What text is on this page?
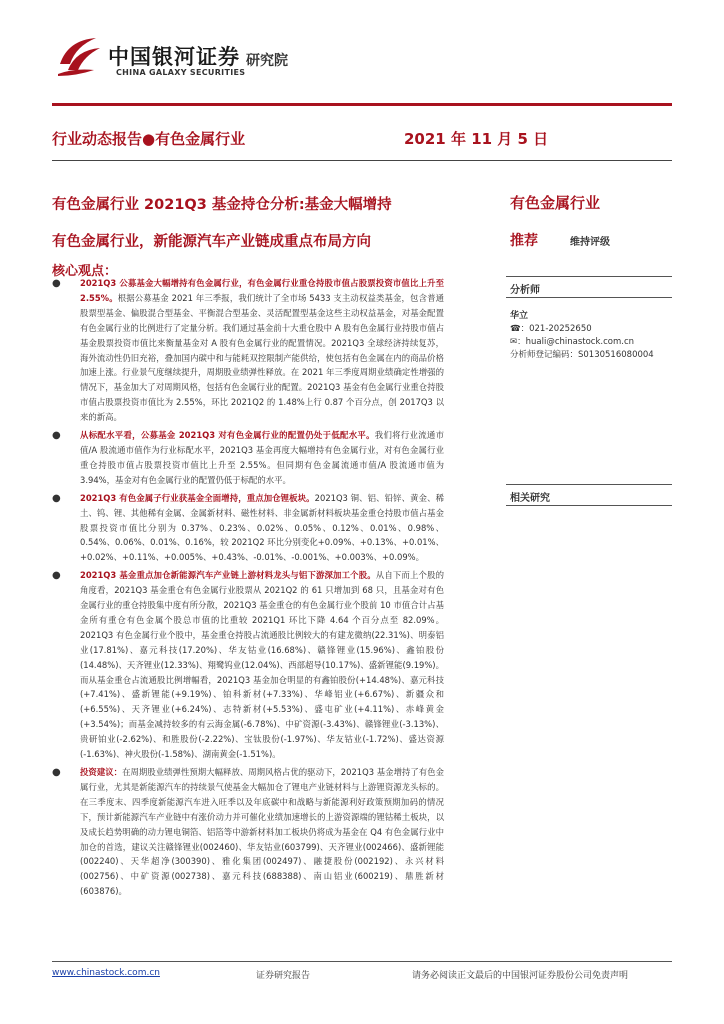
中国银河证券
CHINA GALAXY SECURITIES
研究院
行业动态报告●有色金属行业	2021 年 11 月 5 日
有色金属行业 2021Q3 基金持仓分析:基金大幅增持
有色金属行业，新能源汽车产业链成重点布局方向
核心观点：
●	2021Q3 公募基金大幅增持有色金属行业，有色金属行业重仓持股市值占股票投资市值比上升至 2.55%。根据公募基金 2021 年三季报，我们统计了全市场 5433 支主动权益类基金，包含普通股票型基金、偏股混合型基金、平衡混合型基金、灵活配置型基金这些主动权益基金，对基金配置有色金属行业的比例进行了定量分析。我们通过基金前十大重仓股中 A 股有色金属行业持股市值占基金股票投资市值比来衡量基金对 A 股有色金属行业的配置情况。2021Q3 全球经济持续复苏，海外流动性仍旧充裕，叠加国内碳中和与能耗双控限制产能供给，使包括有色金属在内的商品价格加速上涨。行业景气度继续提升，周期股业绩弹性释放。在 2021 年三季度周期业绩确定性增强的情况下，基金加大了对周期风格，包括有色金属行业的配置。2021Q3 基金有色金属行业重仓持股市值占股票投资市值比为 2.55%，环比 2021Q2 的 1.48%上行 0.87 个百分点，创 2017Q3 以来的新高。
●	从标配水平看，公募基金 2021Q3 对有色金属行业的配置仍处于低配水平。我们将行业流通市值/A 股流通市值作为行业标配水平，2021Q3 基金再度大幅增持有色金属行业，对有色金属行业重仓持股市值占股票投资市值比上升至 2.55%。但同期有色金属流通市值/A 股流通市值为 3.94%，基金对有色金属行业的配置仍低于标配的水平。
●	2021Q3 有色金属子行业获基金全面增持，重点加仓锂板块。2021Q3 铜、铝、铅锌、黄金、稀土、钨、锂、其他稀有金属、金属新材料、磁性材料、非金属新材料板块基金重仓持股市值占基金股票投资市值比分别为 0.37%、0.23%、0.02%、0.05%、0.12%、0.01%、0.98%、0.54%、0.06%、0.01%、0.16%，较 2021Q2 环比分别变化+0.09%、+0.13%、+0.01%、+0.02%、+0.11%、+0.005%、+0.43%、-0.01%、-0.001%、+0.003%、+0.09%。
●	2021Q3 基金重点加仓新能源汽车产业链上游材料龙头与铝下游深加工个股。从自下而上个股的角度看，2021Q3 基金重仓有色金属行业股票从 2021Q2 的 61 只增加到 68 只，且基金对有色金属行业的重仓持股集中度有所分散，2021Q3 基金重仓的有色金属行业个股前 10 市值合计占基金所有重仓有色金属个股总市值的比重较 2021Q1 环比下降 4.64 个百分点至 82.09%。2021Q3 有色金属行业个股中，基金重仓持股占流通股比例较大的有建龙微纳(22.31%)、明泰铝业(17.81%)、嘉元科技(17.20%)、华友钴业(16.68%)、赣锋锂业(15.96%)、鑫铂股份(14.48%)、天齐锂业(12.33%)、翔鹭钨业(12.04%)、西部超导(10.17%)、盛新锂能(9.19%)。而从基金重仓占流通股比例增幅看，2021Q3 基金加仓明显的有鑫铂股份(+14.48%)、嘉元科技(+7.41%)、盛新锂能(+9.19%)、铂科新材(+7.33%)、华峰铝业(+6.67%)、新疆众和(+6.55%)、天齐锂业(+6.24%)、志特新材(+5.53%)、盛屯矿业(+4.11%)、赤峰黄金(+3.54%)；而基金减持较多的有云海金属(-6.78%)、中矿资源(-3.43%)、赣锋锂业(-3.13%)、贵研铂业(-2.62%)、和胜股份(-2.22%)、宝钛股份(-1.97%)、华友钴业(-1.72%)、盛达资源(-1.63%)、神火股份(-1.58%)、湖南黄金(-1.51%)。
●	投资建议：在周期股业绩弹性预期大幅释放、周期风格占优的驱动下，2021Q3 基金增持了有色金属行业，尤其是新能源汽车的持续景气使基金大幅加仓了锂电产业链材料与上游锂资源龙头标的。在三季度末、四季度新能源汽车进入旺季以及年底碳中和战略与新能源利好政策预期加码的情况下，预计新能源汽车产业链中有涨价动力并可催化业绩加速增长的上游资源端的锂钴稀土板块，以及成长趋势明确的动力锂电铜箔、铝箔等中游新材料加工板块仍将成为基金在 Q4 有色金属行业中加仓的首选，建议关注赣锋锂业(002460)、华友钴业(603799)、天齐锂业(002466)、盛新锂能(002240)、天华超净(300390)、雅化集团(002497)、融捷股份(002192)、永兴材料(002756)、中矿资源(002738)、嘉元科技(688388)、南山铝业(600219)、鼎胜新材(603876)。
有色金属行业
推荐	维持评级
分析师
华立
☎：021-20252650
✉：huali@chinastock.com.cn
分析师登记编码：S0130516080004
相关研究
www.chinastock.com.cn	证券研究报告	请务必阅读正文最后的中国银河证券股份公司免责声明
